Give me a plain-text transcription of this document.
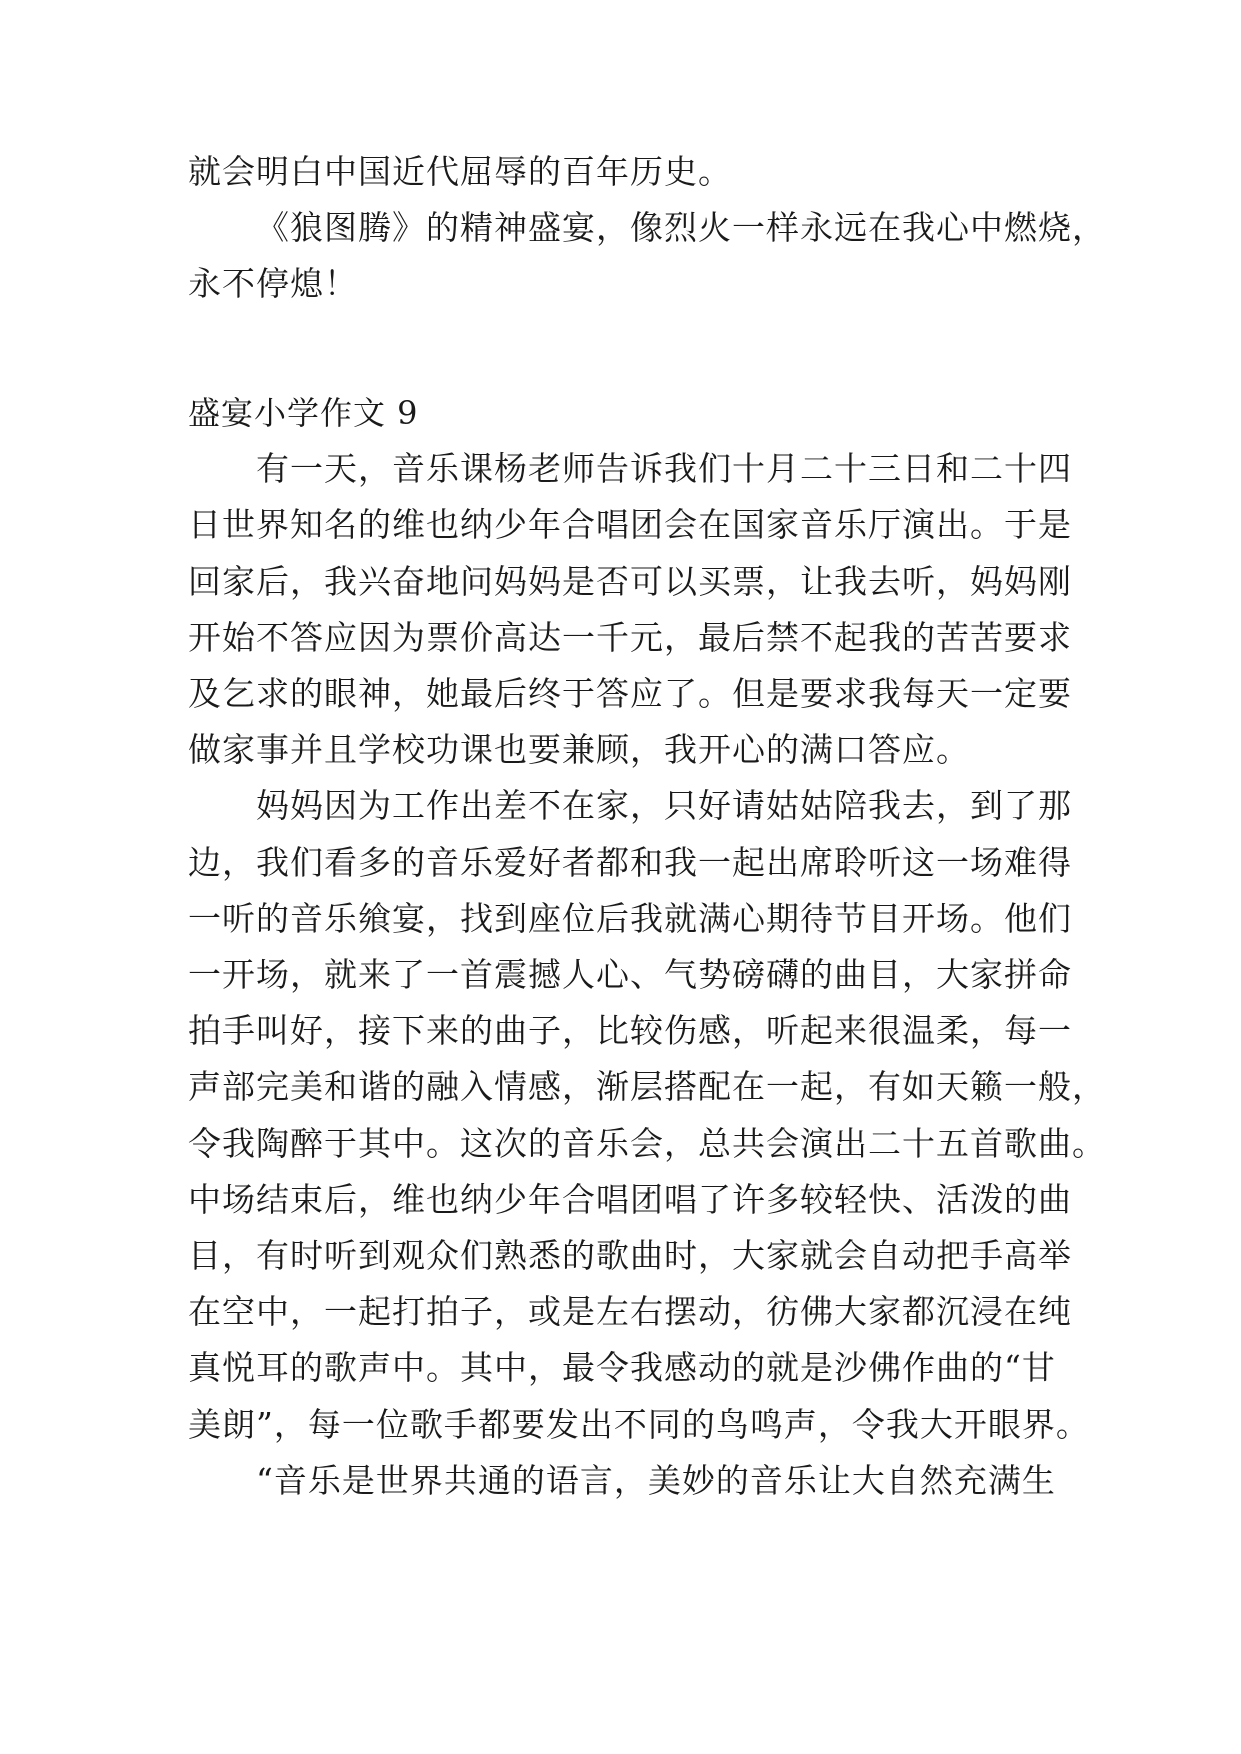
就会明白中国近代屈辱的百年历史。
《狼图腾》的精神盛宴，像烈火一样永远在我心中燃烧，
永不停熄！
盛宴小学作文 9
有一天，音乐课杨老师告诉我们十月二十三日和二十四
日世界知名的维也纳少年合唱团会在国家音乐厅演出。于是
回家后，我兴奋地问妈妈是否可以买票，让我去听，妈妈刚
开始不答应因为票价高达一千元，最后禁不起我的苦苦要求
及乞求的眼神，她最后终于答应了。但是要求我每天一定要
做家事并且学校功课也要兼顾，我开心的满口答应。
妈妈因为工作出差不在家，只好请姑姑陪我去，到了那
边，我们看多的音乐爱好者都和我一起出席聆听这一场难得
一听的音乐飨宴，找到座位后我就满心期待节目开场。他们
一开场，就来了一首震撼人心、气势磅礴的曲目，大家拼命
拍手叫好，接下来的曲子，比较伤感，听起来很温柔，每一
声部完美和谐的融入情感，渐层搭配在一起，有如天籁一般，
令我陶醉于其中。这次的音乐会，总共会演出二十五首歌曲。
中场结束后，维也纳少年合唱团唱了许多较轻快、活泼的曲
目，有时听到观众们熟悉的歌曲时，大家就会自动把手高举
在空中，一起打拍子，或是左右摆动，彷佛大家都沉浸在纯
真悦耳的歌声中。其中，最令我感动的就是沙佛作曲的“甘
美朗”，每一位歌手都要发出不同的鸟鸣声，令我大开眼界。
“音乐是世界共通的语言，美妙的音乐让大自然充满生
